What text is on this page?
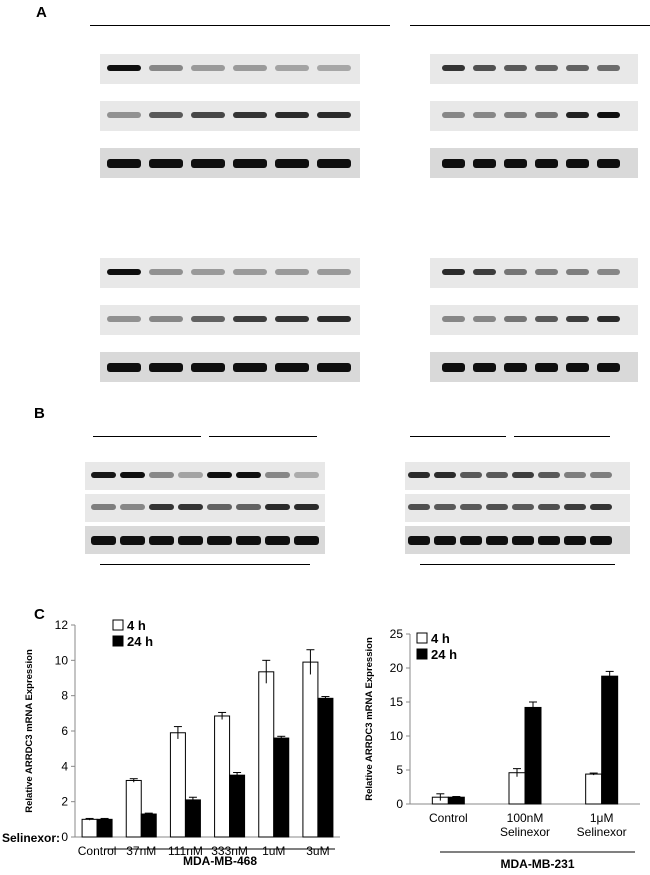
A
B
C
0
2
4
6
8
10
12
Relative ARRDC3 mRNA Expression
Control 37nM 111nM 333nM 1uM 3uM
4 h
24 h
MDA-MB-468
Selinexor:
0
5
10
15
20
25
Relative ARRDC3 mRNA Expression
Control	100nM
Selinexor
1μM
Selinexor
4 h
24 h
MDA-MB-231
